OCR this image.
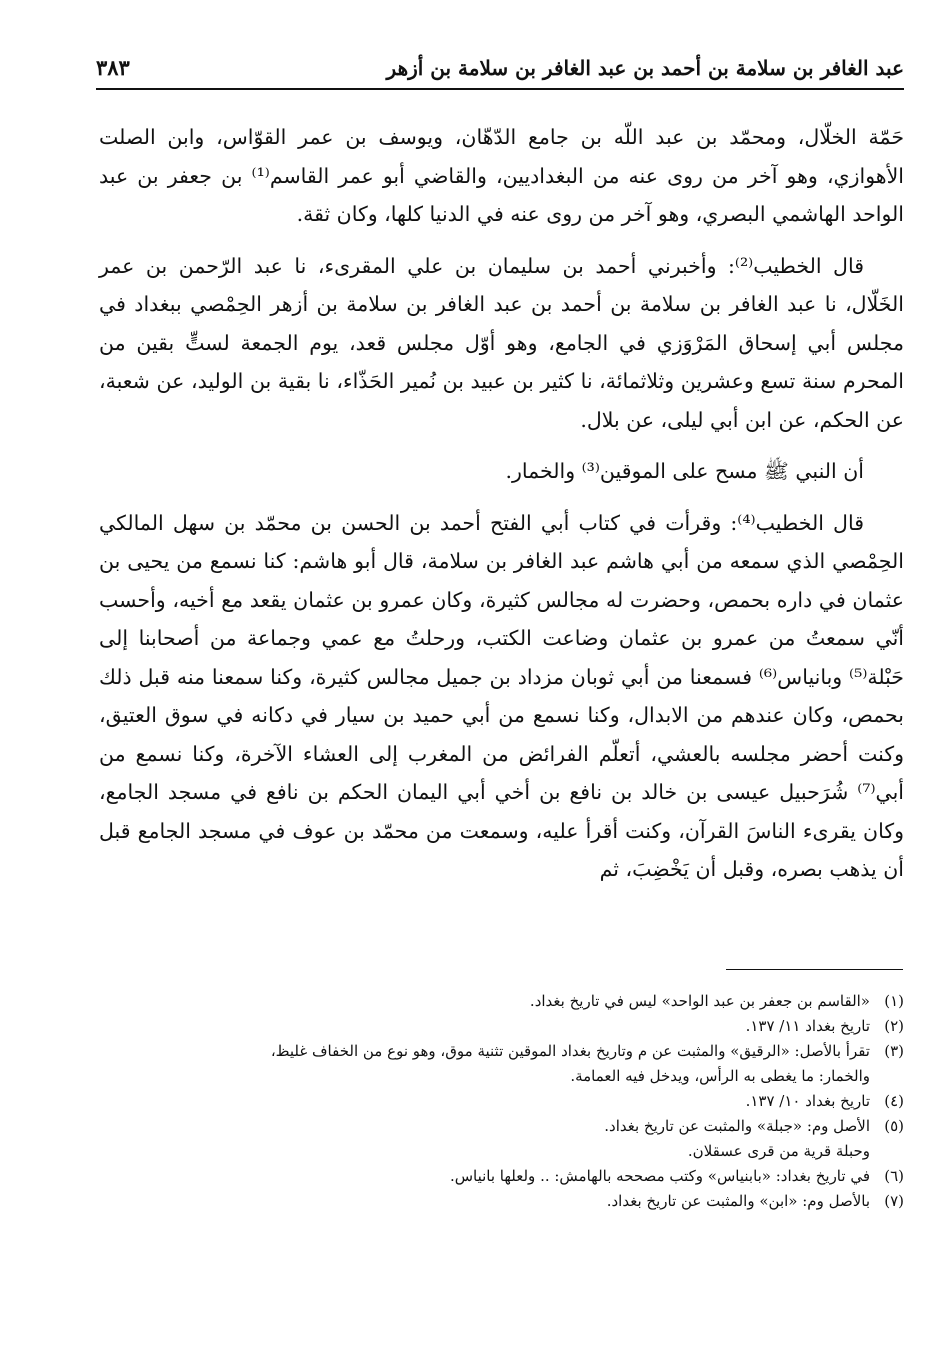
٣٨٣	عبد الغافر بن سلامة بن أحمد بن عبد الغافر بن سلامة بن أزهر

حَمّة الخلّال، ومحمّد بن عبد اللّه بن جامع الدّهّان، ويوسف بن عمر القوّاس، وابن الصلت الأهوازي، وهو آخر من روى عنه من البغداديين، والقاضي أبو عمر القاسم⁽¹⁾ بن جعفر بن عبد الواحد الهاشمي البصري، وهو آخر من روى عنه في الدنيا كلها، وكان ثقة.

قال الخطيب⁽²⁾: وأخبرني أحمد بن سليمان بن علي المقرىء، نا عبد الرّحمن بن عمر الخَلّال، نا عبد الغافر بن سلامة بن أحمد بن عبد الغافر بن سلامة بن أزهر الحِمْصي ببغداد في مجلس أبي إسحاق المَرْوَزي في الجامع، وهو أوّل مجلس قعد، يوم الجمعة لستٍّ بقين من المحرم سنة تسع وعشرين وثلاثمائة، نا كثير بن عبيد بن نُمير الحَذّاء، نا بقية بن الوليد، عن شعبة، عن الحكم، عن ابن أبي ليلى، عن بلال.

أن النبي ﷺ مسح على الموقين⁽³⁾ والخمار.

قال الخطيب⁽⁴⁾: وقرأت في كتاب أبي الفتح أحمد بن الحسن بن محمّد بن سهل المالكي الحِمْصي الذي سمعه من أبي هاشم عبد الغافر بن سلامة، قال أبو هاشم: كنا نسمع من يحيى بن عثمان في داره بحمص، وحضرت له مجالس كثيرة، وكان عمرو بن عثمان يقعد مع أخيه، وأحسب أنّي سمعتُ من عمرو بن عثمان وضاعت الكتب، ورحلتُ مع عمي وجماعة من أصحابنا إلى حَبْلة⁽⁵⁾ وبانياس⁽⁶⁾ فسمعنا من أبي ثوبان مزداد بن جميل مجالس كثيرة، وكنا سمعنا منه قبل ذلك بحمص، وكان عندهم من الابدال، وكنا نسمع من أبي حميد بن سيار في دكانه في سوق العتيق، وكنت أحضر مجلسه بالعشي، أتعلّم الفرائض من المغرب إلى العشاء الآخرة، وكنا نسمع من أبي⁽⁷⁾ شُرَحبيل عيسى بن خالد بن نافع بن أخي أبي اليمان الحكم بن نافع في مسجد الجامع، وكان يقرىء الناسَ القرآن، وكنت أقرأ عليه، وسمعت من محمّد بن عوف في مسجد الجامع قبل أن يذهب بصره، وقبل أن يَخْضِبَ، ثم

(١)
«القاسم بن جعفر بن عبد الواحد» ليس في تاريخ بغداد.
(٢)
تاريخ بغداد ١١/ ١٣٧.
(٣)
تقرأ بالأصل: «الرقيق» والمثبت عن م وتاريخ بغداد الموقين تثنية موق، وهو نوع من الخفاف غليظ،
والخمار: ما يغطى به الرأس، ويدخل فيه العمامة.
(٤)
تاريخ بغداد ١٠/ ١٣٧.
(٥)
الأصل وم: «جبلة» والمثبت عن تاريخ بغداد.
وحبلة قرية من قرى عسقلان.
(٦)
في تاريخ بغداد: «بابنياس» وكتب مصححه بالهامش: .. ولعلها بانياس.
(٧)
بالأصل وم: «ابن» والمثبت عن تاريخ بغداد.
